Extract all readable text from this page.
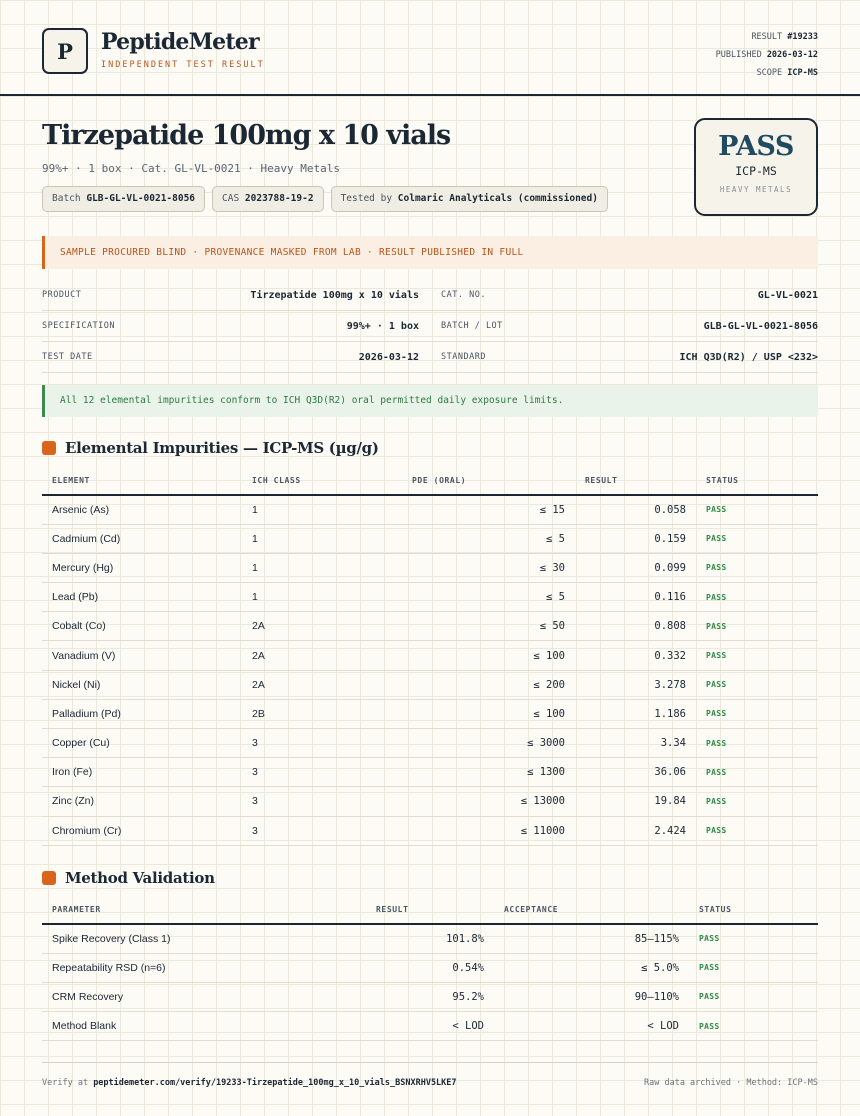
P PeptideMeter
INDEPENDENT TEST RESULT
RESULT #19233
PUBLISHED 2026-03-12
SCOPE ICP-MS
Tirzepatide 100mg x 10 vials
99%+ · 1 box · Cat. GL-VL-0021 · Heavy Metals
Batch GLB-GL-VL-0021-8056	CAS 2023788-19-2	Tested by Colmaric Analyticals (commissioned)
PASS
ICP-MS
HEAVY METALS
SAMPLE PROCURED BLIND · PROVENANCE MASKED FROM LAB · RESULT PUBLISHED IN FULL
PRODUCT	Tirzepatide 100mg x 10 vials	CAT. NO.	GL-VL-0021
SPECIFICATION	99%+ · 1 box	BATCH / LOT	GLB-GL-VL-0021-8056
TEST DATE	2026-03-12	STANDARD	ICH Q3D(R2) / USP <232>
All 12 elemental impurities conform to ICH Q3D(R2) oral permitted daily exposure limits.
Elemental Impurities — ICP-MS (µg/g)
ELEMENT	ICH CLASS	PDE (ORAL)	RESULT	STATUS
Arsenic (As)	1	≤ 15	0.058	PASS
Cadmium (Cd)	1	≤ 5	0.159	PASS
Mercury (Hg)	1	≤ 30	0.099	PASS
Lead (Pb)	1	≤ 5	0.116	PASS
Cobalt (Co)	2A	≤ 50	0.808	PASS
Vanadium (V)	2A	≤ 100	0.332	PASS
Nickel (Ni)	2A	≤ 200	3.278	PASS
Palladium (Pd)	2B	≤ 100	1.186	PASS
Copper (Cu)	3	≤ 3000	3.34	PASS
Iron (Fe)	3	≤ 1300	36.06	PASS
Zinc (Zn)	3	≤ 13000	19.84	PASS
Chromium (Cr)	3	≤ 11000	2.424	PASS
Method Validation
PARAMETER	RESULT	ACCEPTANCE	STATUS
Spike Recovery (Class 1)	101.8%	85–115%	PASS
Repeatability RSD (n=6)	0.54%	≤ 5.0%	PASS
CRM Recovery	95.2%	90–110%	PASS
Method Blank	< LOD	< LOD	PASS
Verify at peptidemeter.com/verify/19233-Tirzepatide_100mg_x_10_vials_BSNXRHV5LKE7	Raw data archived · Method: ICP-MS
